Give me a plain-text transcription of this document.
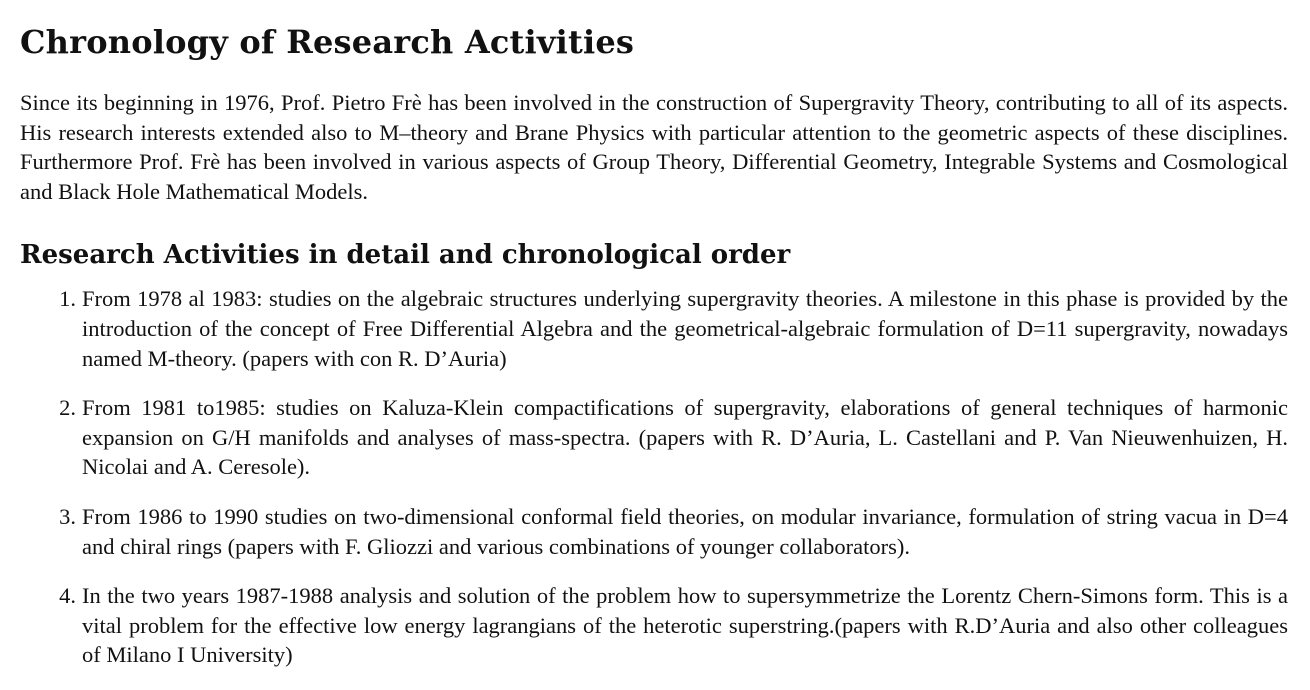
Chronology of Research Activities

Since its beginning in 1976, Prof. Pietro Frè has been involved in the construction of Supergravity Theory, contributing to all of its aspects. His research interests extended also to M–theory and Brane Physics with particular attention to the geometric aspects of these disciplines. Furthermore Prof. Frè has been involved in various aspects of Group Theory, Differential Geometry, Integrable Systems and Cosmological and Black Hole Mathematical Models.

Research Activities in detail and chronological order
1. From 1978 al 1983: studies on the algebraic structures underlying supergravity theories. A milestone in this phase is provided by the introduction of the concept of Free Differential Algebra and the geometrical-algebraic formulation of D=11 supergravity, nowadays named M-theory. (papers with con R. D’Auria)
2. From 1981 to1985: studies on Kaluza-Klein compactifications of supergravity, elaborations of general techniques of harmonic expansion on G/H manifolds and analyses of mass-spectra. (papers with R. D’Auria, L. Castellani and P. Van Nieuwenhuizen, H. Nicolai and A. Ceresole).
3. From 1986 to 1990 studies on two-dimensional conformal field theories, on modular invariance, formulation of string vacua in D=4 and chiral rings (papers with F. Gliozzi and various combinations of younger collaborators).
4. In the two years 1987-1988 analysis and solution of the problem how to supersymmetrize the Lorentz Chern-Simons form. This is a vital problem for the effective low energy lagrangians of the heterotic superstring.(papers with R.D’Auria and also other colleagues of Milano I University)
